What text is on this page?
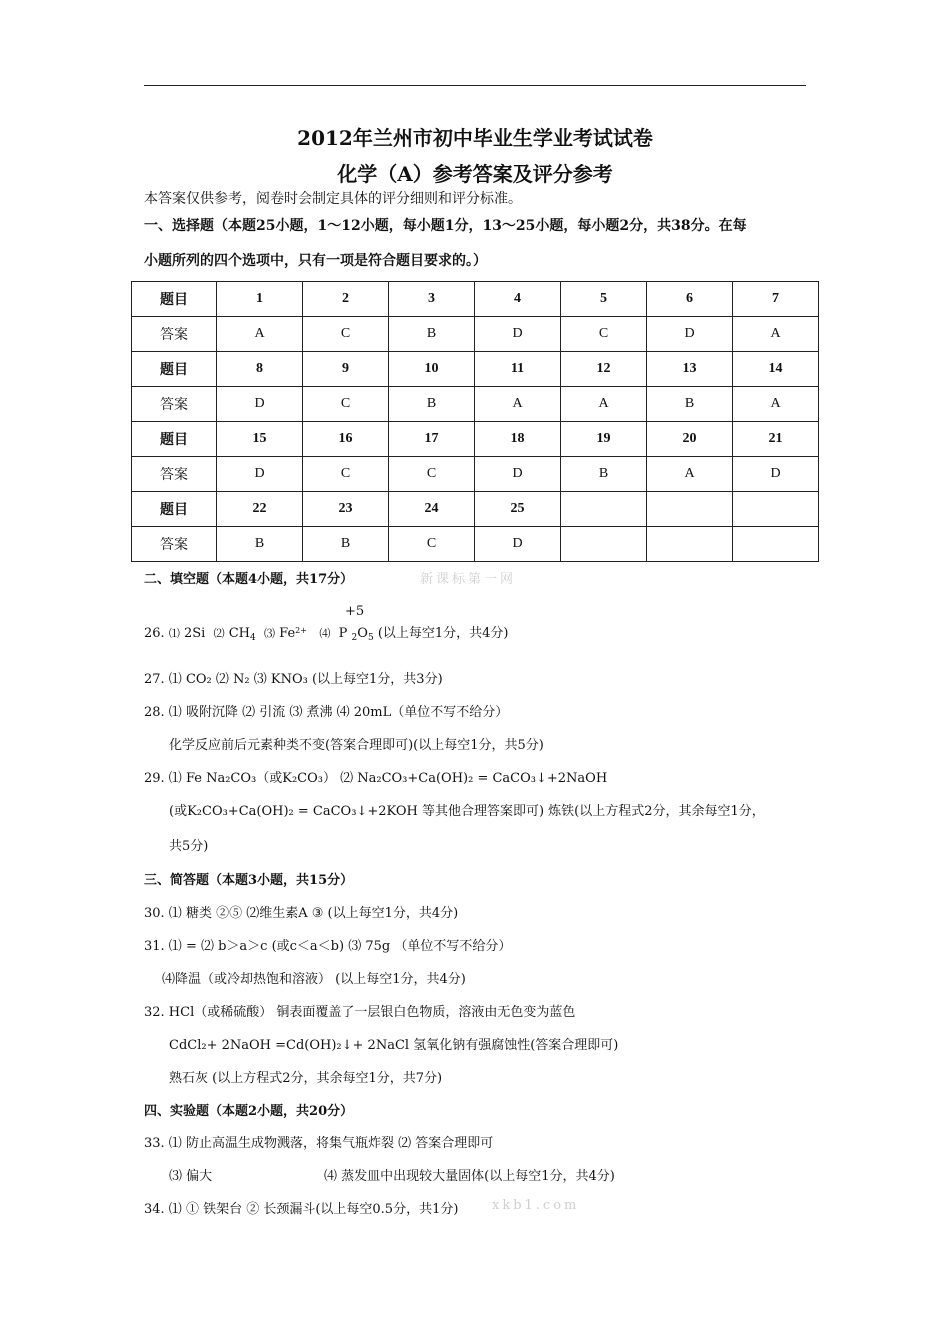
2012年兰州市初中毕业生学业考试试卷
化学（A）参考答案及评分参考
本答案仅供参考，阅卷时会制定具体的评分细则和评分标准。
一、选择题（本题25小题，1～12小题，每小题1分，13～25小题，每小题2分，共38分。在每
小题所列的四个选项中，只有一项是符合题目要求的。）
题目	1	2	3	4	5	6	7
答案	A	C	B	D	C	D	A
题目	8	9	10	11	12	13	14
答案	D	C	B	A	A	B	A
题目	15	16	17	18	19	20	21
答案	D	C	C	D	B	A	D
题目	22	23	24	25			
答案	B	B	C	D			
二、填空题（本题4小题，共17分）	新课标第一网
+5
26. ⑴ 2Si ⑵ $CH_4$ ⑶ $Fe^{2+}$ ⑷ P $_2O_5$ (以上每空1分，共4分)
27. ⑴ CO₂ ⑵ N₂ ⑶ KNO₃ (以上每空1分，共3分)
28. ⑴ 吸附沉降 ⑵ 引流 ⑶ 煮沸 ⑷ 20mL（单位不写不给分）
化学反应前后元素种类不变(答案合理即可)(以上每空1分，共5分)
29. ⑴ Fe Na₂CO₃（或K₂CO₃） ⑵ Na₂CO₃+Ca(OH)₂ = CaCO₃↓+2NaOH
(或K₂CO₃+Ca(OH)₂ = CaCO₃↓+2KOH 等其他合理答案即可) 炼铁(以上方程式2分，其余每空1分，
共5分)
三、简答题（本题3小题，共15分）
30. ⑴ 糖类 ②⑤ ⑵维生素A ③ (以上每空1分，共4分)
31. ⑴ = ⑵ b＞a＞c (或c＜a＜b) ⑶ 75g （单位不写不给分）
⑷降温（或冷却热饱和溶液） (以上每空1分，共4分)
32. HCl（或稀硫酸） 铜表面覆盖了一层银白色物质，溶液由无色变为蓝色
CdCl₂+ 2NaOH =Cd(OH)₂↓+ 2NaCl 氢氧化钠有强腐蚀性(答案合理即可)
熟石灰 (以上方程式2分，其余每空1分，共7分)
四、实验题（本题2小题，共20分）
33. ⑴ 防止高温生成物溅落，将集气瓶炸裂 ⑵ 答案合理即可
⑶ 偏大	⑷ 蒸发皿中出现较大量固体(以上每空1分，共4分)
34. ⑴ ① 铁架台 ② 长颈漏斗(以上每空0.5分，共1分)	xkb1.com
